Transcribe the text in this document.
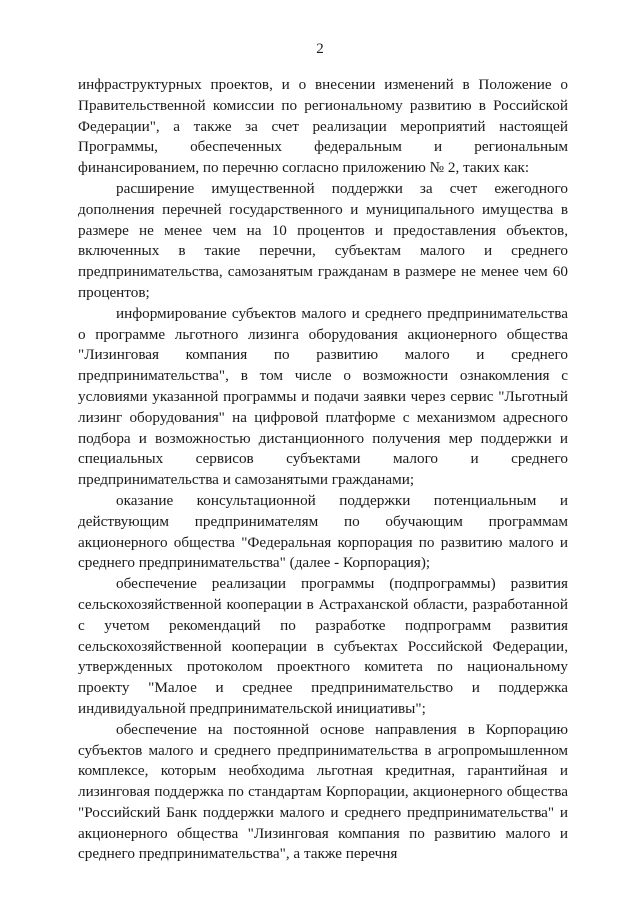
2

инфраструктурных проектов, и о внесении изменений в Положение о Правительственной комиссии по региональному развитию в Российской Федерации", а также за счет реализации мероприятий настоящей Программы, обеспеченных федеральным и региональным финансированием, по перечню согласно приложению № 2, таких как:

расширение имущественной поддержки за счет ежегодного дополнения перечней государственного и муниципального имущества в размере не менее чем на 10 процентов и предоставления объектов, включенных в такие перечни, субъектам малого и среднего предпринимательства, самозанятым гражданам в размере не менее чем 60 процентов;

информирование субъектов малого и среднего предпринимательства о программе льготного лизинга оборудования акционерного общества "Лизинговая компания по развитию малого и среднего предпринимательства", в том числе о возможности ознакомления с условиями указанной программы и подачи заявки через сервис "Льготный лизинг оборудования" на цифровой платформе с механизмом адресного подбора и возможностью дистанционного получения мер поддержки и специальных сервисов субъектами малого и среднего предпринимательства и самозанятыми гражданами;

оказание консультационной поддержки потенциальным и действующим предпринимателям по обучающим программам акционерного общества "Федеральная корпорация по развитию малого и среднего предпринимательства" (далее - Корпорация);

обеспечение реализации программы (подпрограммы) развития сельскохозяйственной кооперации в Астраханской области, разработанной с учетом рекомендаций по разработке подпрограмм развития сельскохозяйственной кооперации в субъектах Российской Федерации, утвержденных протоколом проектного комитета по национальному проекту "Малое и среднее предпринимательство и поддержка индивидуальной предпринимательской инициативы";

обеспечение на постоянной основе направления в Корпорацию субъектов малого и среднего предпринимательства в агропромышленном комплексе, которым необходима льготная кредитная, гарантийная и лизинговая поддержка по стандартам Корпорации, акционерного общества "Российский Банк поддержки малого и среднего предпринимательства" и акционерного общества "Лизинговая компания по развитию малого и среднего предпринимательства", а также перечня
